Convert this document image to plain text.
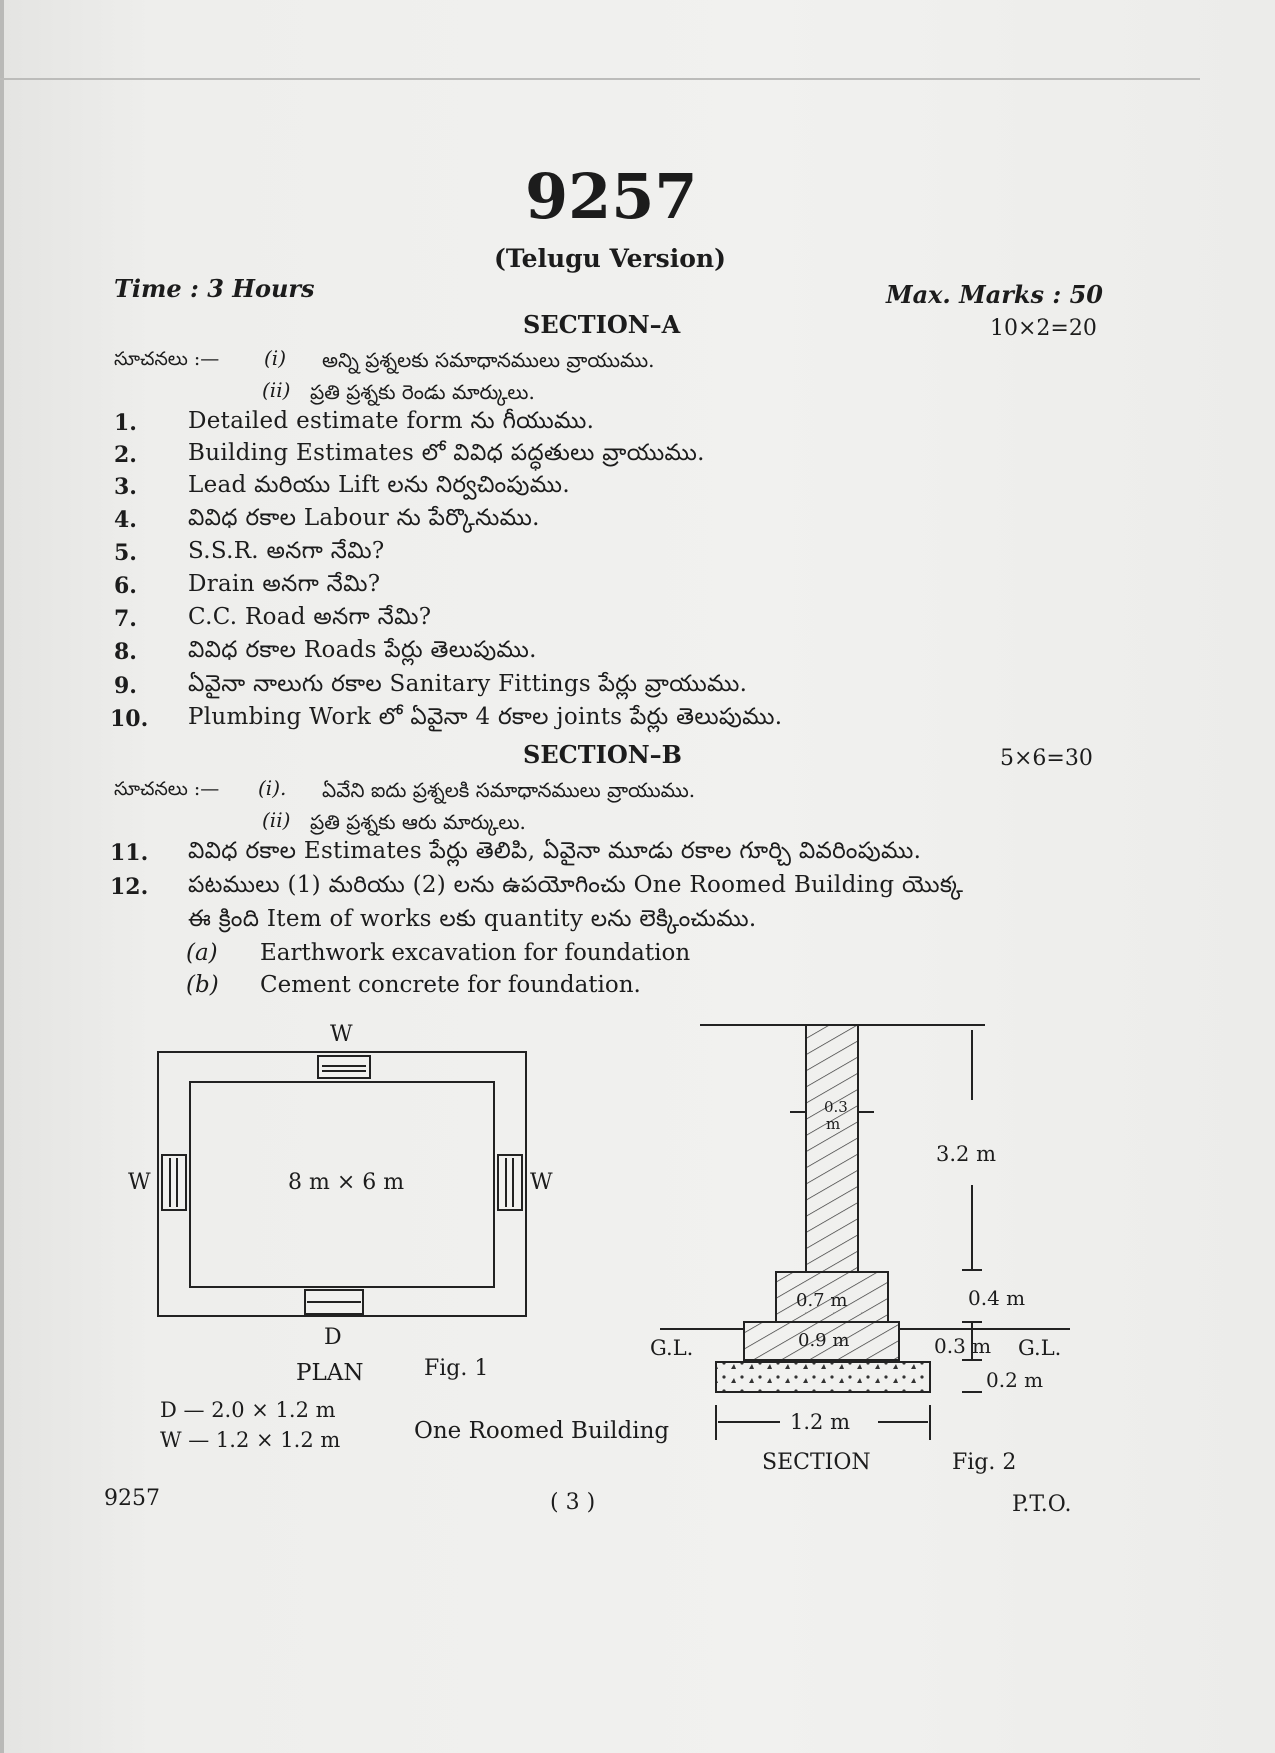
9257
(Telugu Version)
Time : 3 Hours	Max. Marks : 50
SECTION–A	10×2=20
సూచనలు :— (i) అన్ని ప్రశ్నలకు సమాధానములు వ్రాయుము.
(ii) ప్రతి ప్రశ్నకు రెండు మార్కులు.
1. Detailed estimate form ను గీయుము.
2. Building Estimates లో వివిధ పద్ధతులు వ్రాయుము.
3. Lead మరియు Lift లను నిర్వచింపుము.
4. వివిధ రకాల Labour ను పేర్కొనుము.
5. S.S.R. అనగా నేమి?
6. Drain అనగా నేమి?
7. C.C. Road అనగా నేమి?
8. వివిధ రకాల Roads పేర్లు తెలుపుము.
9. ఏవైనా నాలుగు రకాల Sanitary Fittings పేర్లు వ్రాయుము.
10. Plumbing Work లో ఏవైనా 4 రకాల joints పేర్లు తెలుపుము.
SECTION–B	5×6=30
సూచనలు :— (i). ఏవేని ఐదు ప్రశ్నలకి సమాధానములు వ్రాయుము.
(ii) ప్రతి ప్రశ్నకు ఆరు మార్కులు.
11. వివిధ రకాల Estimates పేర్లు తెలిపి, ఏవైనా మూడు రకాల గూర్చి వివరింపుము.
12. పటములు (1) మరియు (2) లను ఉపయోగించు One Roomed Building యొక్క
ఈ క్రింది Item of works లకు quantity లను లెక్కించుము.
(a) Earthwork excavation for foundation
(b) Cement concrete for foundation.
W
W	W
8 m × 6 m
D
PLAN	Fig. 1
D — 2.0 × 1.2 m
W — 1.2 × 1.2 m	One Roomed Building
0.3
m
3.2 m
0.7 m	0.4 m
0.9 m	0.3 m
G.L.	G.L.
0.2 m
1.2 m
SECTION	Fig. 2
9257	( 3 )	P.T.O.
